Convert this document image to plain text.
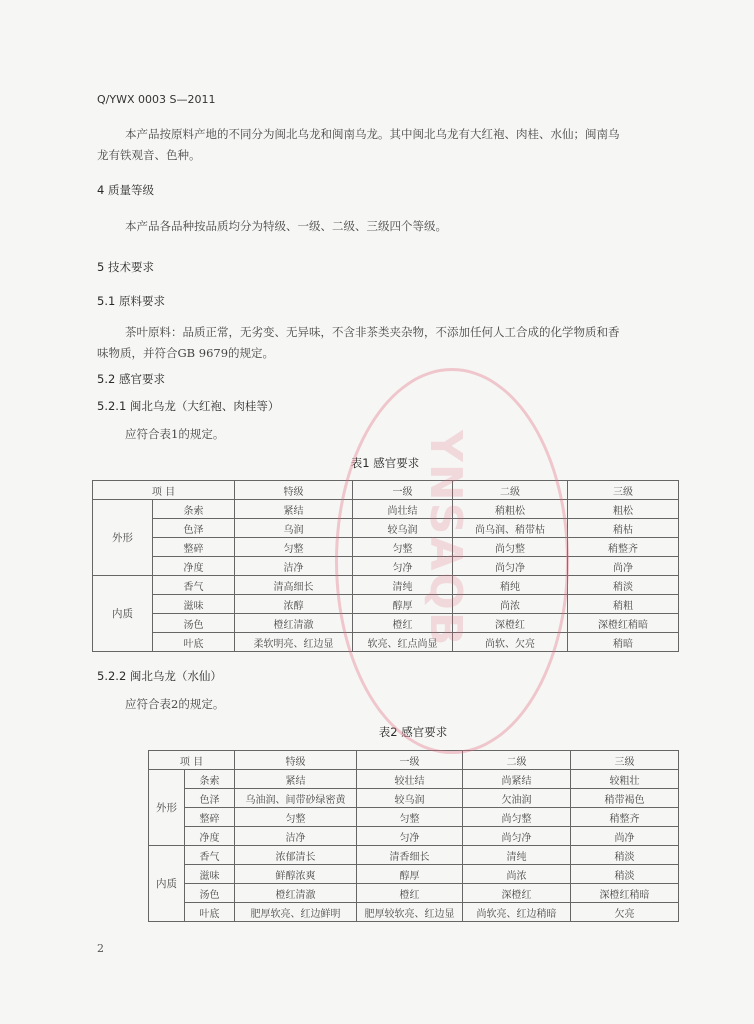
Q/YWX 0003 S—2011
本产品按原料产地的不同分为闽北乌龙和闽南乌龙。其中闽北乌龙有大红袍、肉桂、水仙；闽南乌
龙有铁观音、色种。
4 质量等级
本产品各品种按品质均分为特级、一级、二级、三级四个等级。
5 技术要求
5.1 原料要求
茶叶原料：品质正常，无劣变、无异味，不含非茶类夹杂物，不添加任何人工合成的化学物质和香
味物质，并符合GB 9679的规定。
5.2 感官要求
5.2.1 闽北乌龙（大红袍、肉桂等）
应符合表1的规定。
表1 感官要求
项 目		特级	一级	二级	三级
外形	条索	紧结	尚壮结	稍粗松	粗松
	色泽	乌润	较乌润	尚乌润、稍带枯	稍枯
	整碎	匀整	匀整	尚匀整	稍整齐
	净度	洁净	匀净	尚匀净	尚净
内质	香气	清高细长	清纯	稍纯	稍淡
	滋味	浓醇	醇厚	尚浓	稍粗
	汤色	橙红清澈	橙红	深橙红	深橙红稍暗
	叶底	柔软明亮、红边显	软亮、红点尚显	尚软、欠亮	稍暗
5.2.2 闽北乌龙（水仙）
应符合表2的规定。
表2 感官要求
项 目		特级	一级	二级	三级
外形	条索	紧结	较壮结	尚紧结	较粗壮
	色泽	乌油润、间带砂绿密黄	较乌润	欠油润	稍带褐色
	整碎	匀整	匀整	尚匀整	稍整齐
	净度	洁净	匀净	尚匀净	尚净
内质	香气	浓郁清长	清香细长	清纯	稍淡
	滋味	鲜醇浓爽	醇厚	尚浓	稍淡
	汤色	橙红清澈	橙红	深橙红	深橙红稍暗
	叶底	肥厚软亮、红边鲜明	肥厚较软亮、红边显	尚软亮、红边稍暗	欠亮
YNSAQB
2
